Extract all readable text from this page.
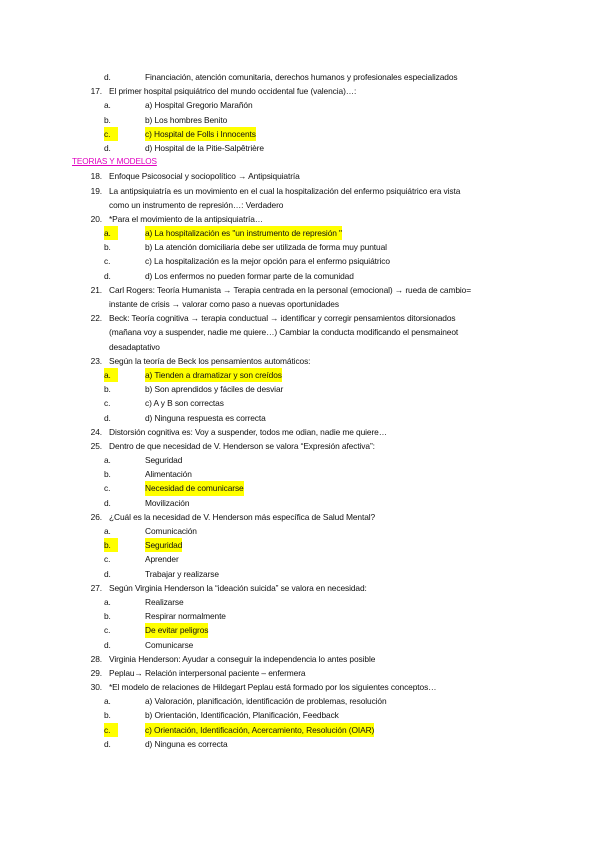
d.	Financiación, atención comunitaria, derechos humanos y profesionales especializados
17. El primer hospital psiquiátrico del mundo occidental fue (valencia)…:
a.	a) Hospital Gregorio Marañón
b.	b) Los hombres Benito
c.	c) Hospital de Folls i Innocents
d.	d) Hospital de la Pitie-Salpêtrière
TEORIAS Y MODELOS
18. Enfoque Psicosocial y sociopolítico → Antipsiquiatría
19. La antipsiquiatría es un movimiento en el cual la hospitalización del enfermo psiquiátrico era vista
como un instrumento de represión…: Verdadero
20. *Para el movimiento de la antipsiquiatría…
a.	a) La hospitalización es "un instrumento de represión "
b.	b) La atención domiciliaria debe ser utilizada de forma muy puntual
c.	c) La hospitalización es la mejor opción para el enfermo psiquiátrico
d.	d) Los enfermos no pueden formar parte de la comunidad
21. Carl Rogers: Teoría Humanista → Terapia centrada en la personal (emocional) → rueda de cambio=
instante de crisis → valorar como paso a nuevas oportunidades
22. Beck: Teoría cognitiva → terapia conductual → identificar y corregir pensamientos ditorsionados
(mañana voy a suspender, nadie me quiere…) Cambiar la conducta modificando el pensmaineot
desadaptativo
23. Según la teoría de Beck los pensamientos automáticos:
a.	a) Tienden a dramatizar y son creídos
b.	b) Son aprendidos y fáciles de desviar
c.	c) A y B son correctas
d.	d) Ninguna respuesta es correcta
24. Distorsión cognitiva es: Voy a suspender, todos me odian, nadie me quiere…
25. Dentro de que necesidad de V. Henderson se valora “Expresión afectiva”:
a.	Seguridad
b.	Alimentación
c.	Necesidad de comunicarse
d.	Movilización
26. ¿Cuál es la necesidad de V. Henderson más específica de Salud Mental?
a.	Comunicación
b.	Seguridad
c.	Aprender
d.	Trabajar y realizarse
27. Según Virginia Henderson la “ideación suicida” se valora en necesidad:
a.	Realizarse
b.	Respirar normalmente
c.	De evitar peligros
d.	Comunicarse
28. Virginia Henderson: Ayudar a conseguir la independencia lo antes posible
29. Peplau→ Relación interpersonal paciente – enfermera
30. *El modelo de relaciones de Hildegart Peplau está formado por los siguientes conceptos…
a.	a) Valoración, planificación, identificación de problemas, resolución
b.	b) Orientación, Identificación, Planificación, Feedback
c.	c) Orientación, Identificación, Acercamiento, Resolución (OIAR)
d.	d) Ninguna es correcta
